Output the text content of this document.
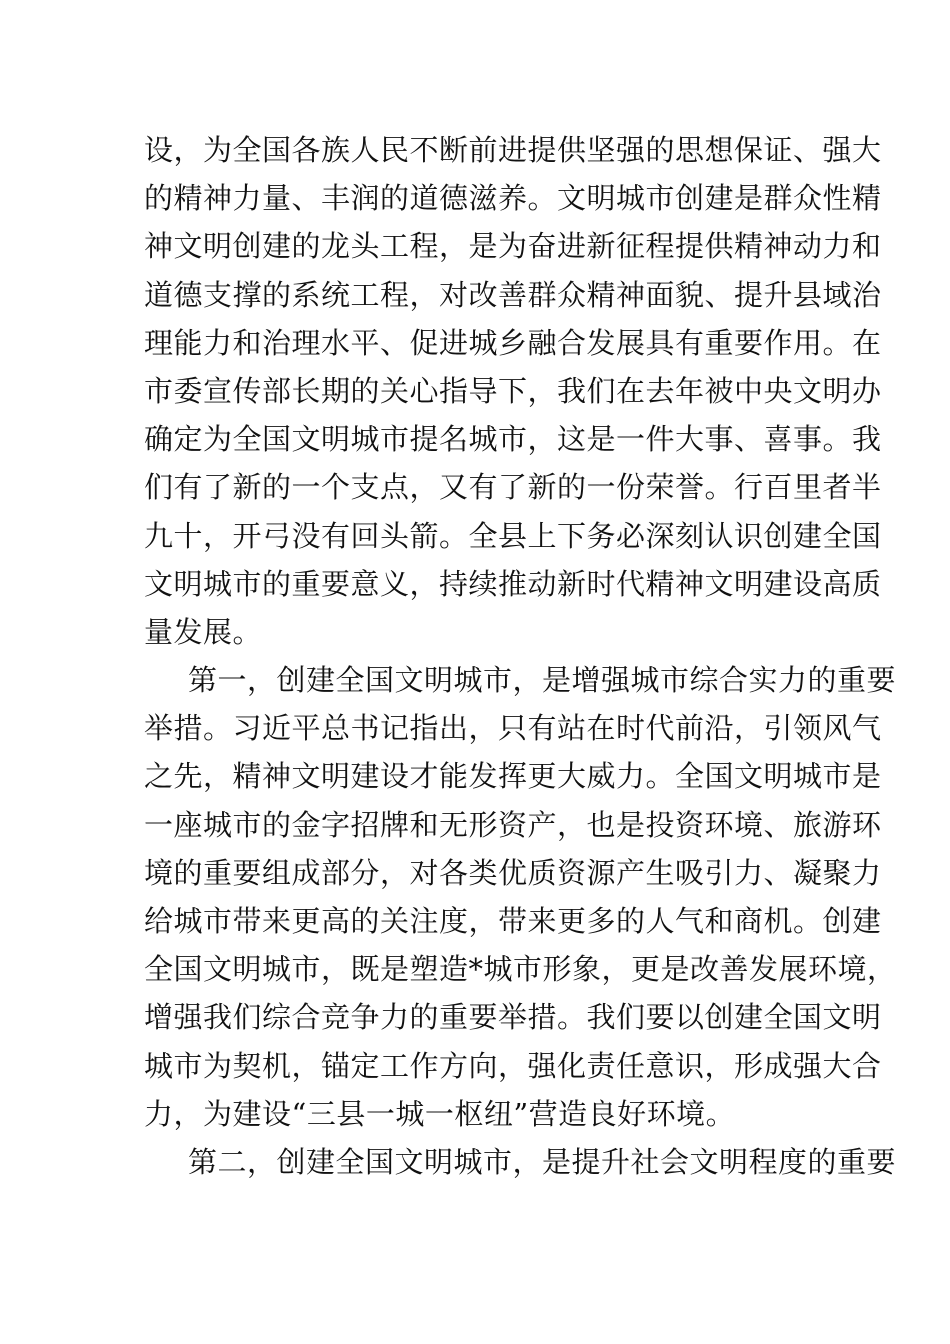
设，为全国各族人民不断前进提供坚强的思想保证、强大
的精神力量、丰润的道德滋养。文明城市创建是群众性精
神文明创建的龙头工程，是为奋进新征程提供精神动力和
道德支撑的系统工程，对改善群众精神面貌、提升县域治
理能力和治理水平、促进城乡融合发展具有重要作用。在
市委宣传部长期的关心指导下，我们在去年被中央文明办
确定为全国文明城市提名城市，这是一件大事、喜事。我
们有了新的一个支点，又有了新的一份荣誉。行百里者半
九十，开弓没有回头箭。全县上下务必深刻认识创建全国
文明城市的重要意义，持续推动新时代精神文明建设高质
量发展。
第一，创建全国文明城市，是增强城市综合实力的重要
举措。习近平总书记指出，只有站在时代前沿，引领风气
之先，精神文明建设才能发挥更大威力。全国文明城市是
一座城市的金字招牌和无形资产，也是投资环境、旅游环
境的重要组成部分，对各类优质资源产生吸引力、凝聚力
给城市带来更高的关注度，带来更多的人气和商机。创建
全国文明城市，既是塑造*城市形象，更是改善发展环境，
增强我们综合竞争力的重要举措。我们要以创建全国文明
城市为契机，锚定工作方向，强化责任意识，形成强大合
力，为建设“三县一城一枢纽”营造良好环境。
第二，创建全国文明城市，是提升社会文明程度的重要
